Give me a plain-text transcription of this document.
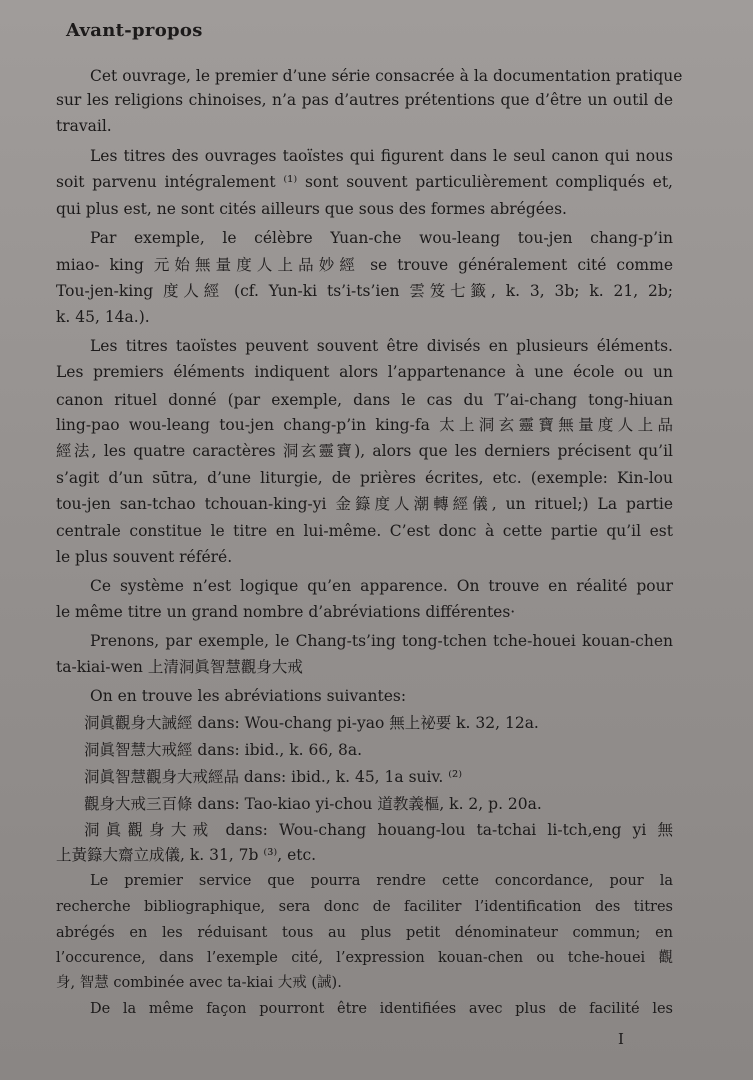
Avant-propos
Cet ouvrage, le premier d’une série consacrée à la documentation pratique
sur les religions chinoises, n’a pas d’autres prétentions que d’être un outil de
travail.
Les titres des ouvrages taoïstes qui figurent dans le seul canon qui nous
soit parvenu intégralement ⁽¹⁾ sont souvent particulièrement compliqués et,
qui plus est, ne sont cités ailleurs que sous des formes abrégées.
Par exemple, le célèbre Yuan-che wou-leang tou-jen chang-p’in
miao- king 元始無量度人上品妙經 se trouve généralement cité comme
Tou-jen-king 度人經 (cf. Yun-ki ts’i-ts’ien 雲笈七籤, k. 3, 3b; k. 21, 2b;
k. 45, 14a.).
Les titres taoïstes peuvent souvent être divisés en plusieurs éléments.
Les premiers éléments indiquent alors l’appartenance à une école ou un
canon rituel donné (par exemple, dans le cas du T’ai-chang tong-hiuan
ling-pao wou-leang tou-jen chang-p’in king-fa 太上洞玄靈寶無量度人上品
經法, les quatre caractères 洞玄靈寶), alors que les derniers précisent qu’il
s’agit d’un sūtra, d’une liturgie, de prières écrites, etc. (exemple: Kin-lou
tou-jen san-tchao tchouan-king-yi 金籙度人潮轉經儀, un rituel;) La partie
centrale constitue le titre en lui-même. C’est donc à cette partie qu’il est
le plus souvent référé.
Ce système n’est logique qu’en apparence. On trouve en réalité pour
le même titre un grand nombre d’abréviations différentes·
Prenons, par exemple, le Chang-ts’ing tong-tchen tche-houei kouan-chen
ta-kiai-wen 上清洞眞智慧觀身大戒
On en trouve les abréviations suivantes:
洞眞觀身大誡經 dans: Wou-chang pi-yao 無上祕要 k. 32, 12a.
洞眞智慧大戒經 dans: ibid., k. 66, 8a.
洞眞智慧觀身大戒經品 dans: ibid., k. 45, 1a suiv. ⁽²⁾
觀身大戒三百條 dans: Tao-kiao yi-chou 道教義樞, k. 2, p. 20a.
洞眞觀身大戒 dans: Wou-chang houang-lou ta-tchai li-tch‚eng yi 無
上黃籙大齋立成儀, k. 31, 7b ⁽³⁾, etc.
Le premier service que pourra rendre cette concordance, pour la
recherche bibliographique, sera donc de faciliter l’identification des titres
abrégés en les réduisant tous au plus petit dénominateur commun; en
l’occurence, dans l’exemple cité, l’expression kouan-chen ou tche-houei 觀
身, 智慧 combinée avec ta-kiai 大戒 (誡).
De la même façon pourront être identifiées avec plus de facilité les
I
